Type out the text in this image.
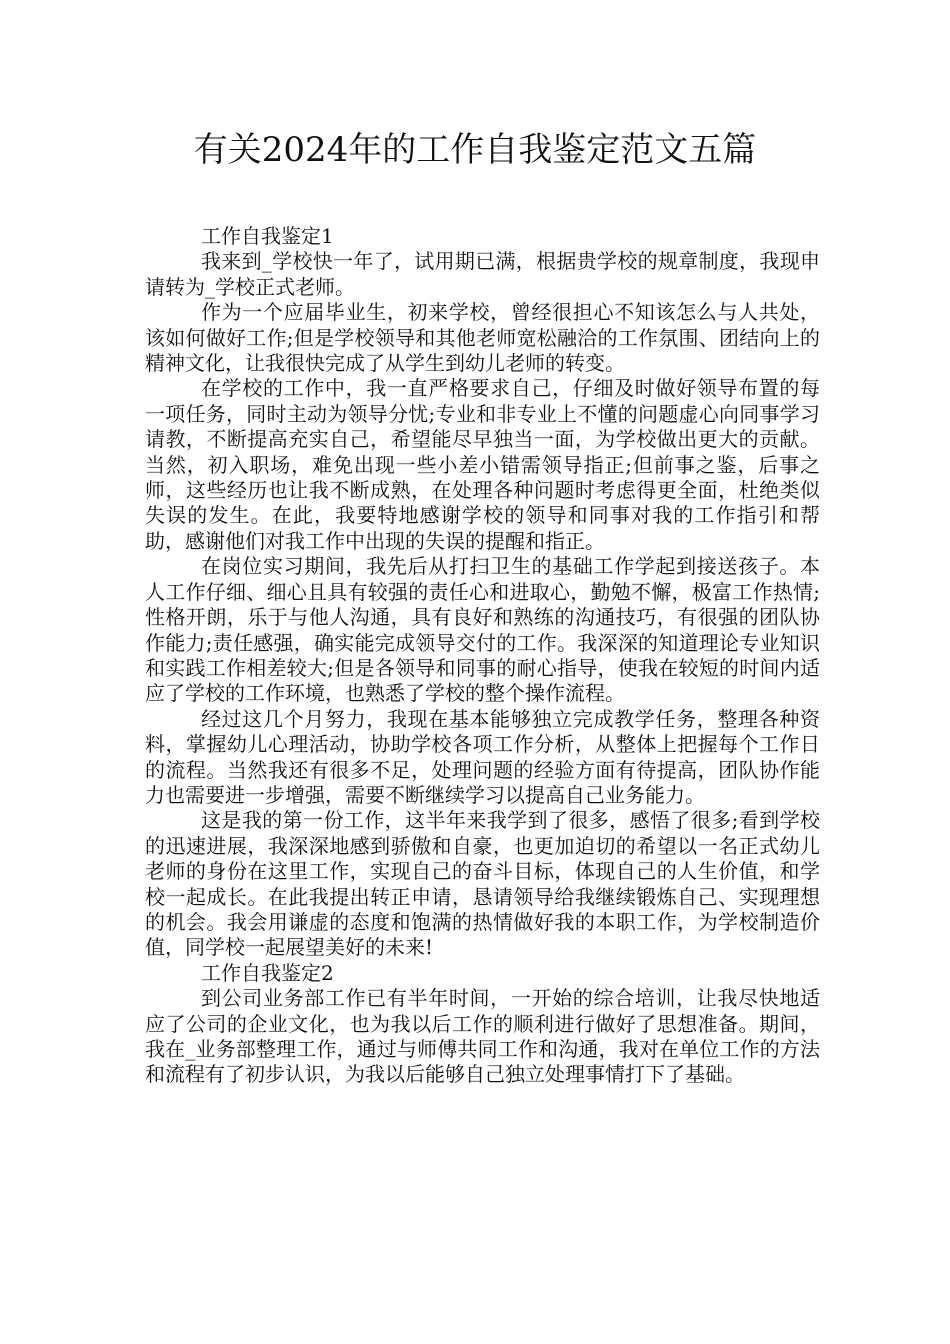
有关2024年的工作自我鉴定范文五篇

工作自我鉴定1

我来到_学校快一年了，试用期已满，根据贵学校的规章制度，我现申请转为_学校正式老师。

作为一个应届毕业生，初来学校，曾经很担心不知该怎么与人共处，该如何做好工作;但是学校领导和其他老师宽松融洽的工作氛围、团结向上的精神文化，让我很快完成了从学生到幼儿老师的转变。

在学校的工作中，我一直严格要求自己，仔细及时做好领导布置的每一项任务，同时主动为领导分忧;专业和非专业上不懂的问题虚心向同事学习请教，不断提高充实自己，希望能尽早独当一面，为学校做出更大的贡献。当然，初入职场，难免出现一些小差小错需领导指正;但前事之鉴，后事之师，这些经历也让我不断成熟，在处理各种问题时考虑得更全面，杜绝类似失误的发生。在此，我要特地感谢学校的领导和同事对我的工作指引和帮助，感谢他们对我工作中出现的失误的提醒和指正。

在岗位实习期间，我先后从打扫卫生的基础工作学起到接送孩子。本人工作仔细、细心且具有较强的责任心和进取心，勤勉不懈，极富工作热情;性格开朗，乐于与他人沟通，具有良好和熟练的沟通技巧，有很强的团队协作能力;责任感强，确实能完成领导交付的工作。我深深的知道理论专业知识和实践工作相差较大;但是各领导和同事的耐心指导，使我在较短的时间内适应了学校的工作环境，也熟悉了学校的整个操作流程。

经过这几个月努力，我现在基本能够独立完成教学任务，整理各种资料，掌握幼儿心理活动，协助学校各项工作分析，从整体上把握每个工作日的流程。当然我还有很多不足，处理问题的经验方面有待提高，团队协作能力也需要进一步增强，需要不断继续学习以提高自己业务能力。

这是我的第一份工作，这半年来我学到了很多，感悟了很多;看到学校的迅速进展，我深深地感到骄傲和自豪，也更加迫切的希望以一名正式幼儿老师的身份在这里工作，实现自己的奋斗目标，体现自己的人生价值，和学校一起成长。在此我提出转正申请，恳请领导给我继续锻炼自己、实现理想的机会。我会用谦虚的态度和饱满的热情做好我的本职工作，为学校制造价值，同学校一起展望美好的未来!

工作自我鉴定2

到公司业务部工作已有半年时间，一开始的综合培训，让我尽快地适应了公司的企业文化，也为我以后工作的顺利进行做好了思想准备。期间，我在_业务部整理工作，通过与师傅共同工作和沟通，我对在单位工作的方法和流程有了初步认识，为我以后能够自己独立处理事情打下了基础。
